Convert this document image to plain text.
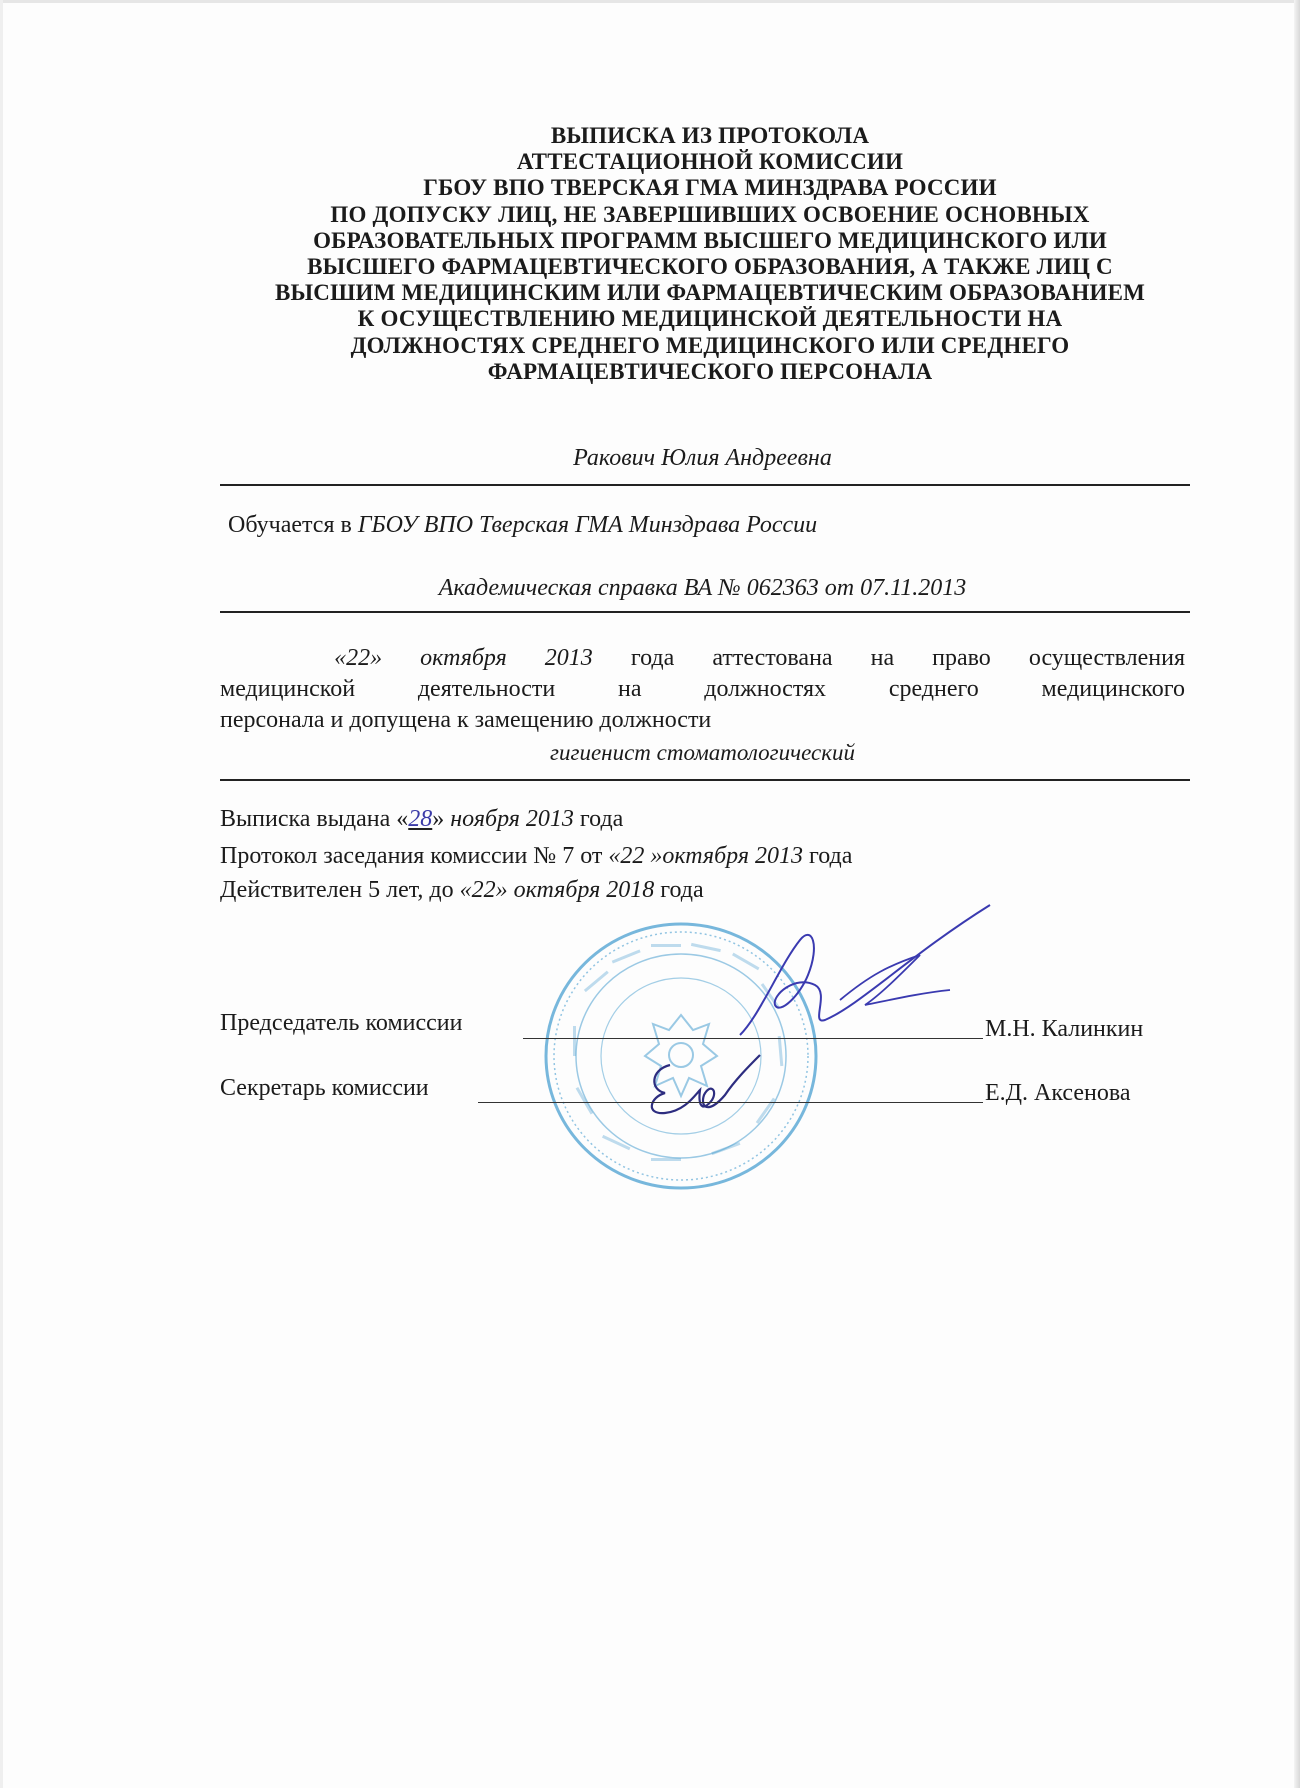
ВЫПИСКА ИЗ ПРОТОКОЛА
АТТЕСТАЦИОННОЙ КОМИССИИ
ГБОУ ВПО ТВЕРСКАЯ ГМА МИНЗДРАВА РОССИИ
ПО ДОПУСКУ ЛИЦ, НЕ ЗАВЕРШИВШИХ ОСВОЕНИЕ ОСНОВНЫХ
ОБРАЗОВАТЕЛЬНЫХ ПРОГРАММ ВЫСШЕГО МЕДИЦИНСКОГО ИЛИ
ВЫСШЕГО ФАРМАЦЕВТИЧЕСКОГО ОБРАЗОВАНИЯ, А ТАКЖЕ ЛИЦ С
ВЫСШИМ МЕДИЦИНСКИМ ИЛИ ФАРМАЦЕВТИЧЕСКИМ ОБРАЗОВАНИЕМ
К ОСУЩЕСТВЛЕНИЮ МЕДИЦИНСКОЙ ДЕЯТЕЛЬНОСТИ НА
ДОЛЖНОСТЯХ СРЕДНЕГО МЕДИЦИНСКОГО ИЛИ СРЕДНЕГО
ФАРМАЦЕВТИЧЕСКОГО ПЕРСОНАЛА
Ракович Юлия Андреевна
Обучается в ГБОУ ВПО Тверская ГМА Минздрава России
Академическая справка ВА № 062363 от 07.11.2013
«22» октября 2013 года аттестована на право осуществления
медицинской деятельности на должностях среднего медицинского
персонала и допущена к замещению должности
гигиенист стоматологический
Выписка выдана «28» ноября 2013 года
Протокол заседания комиссии № 7 от «22 »октября 2013 года
Действителен 5 лет, до «22» октября 2018 года
Председатель комиссии	М.Н. Калинкин
Секретарь комиссии	Е.Д. Аксенова
